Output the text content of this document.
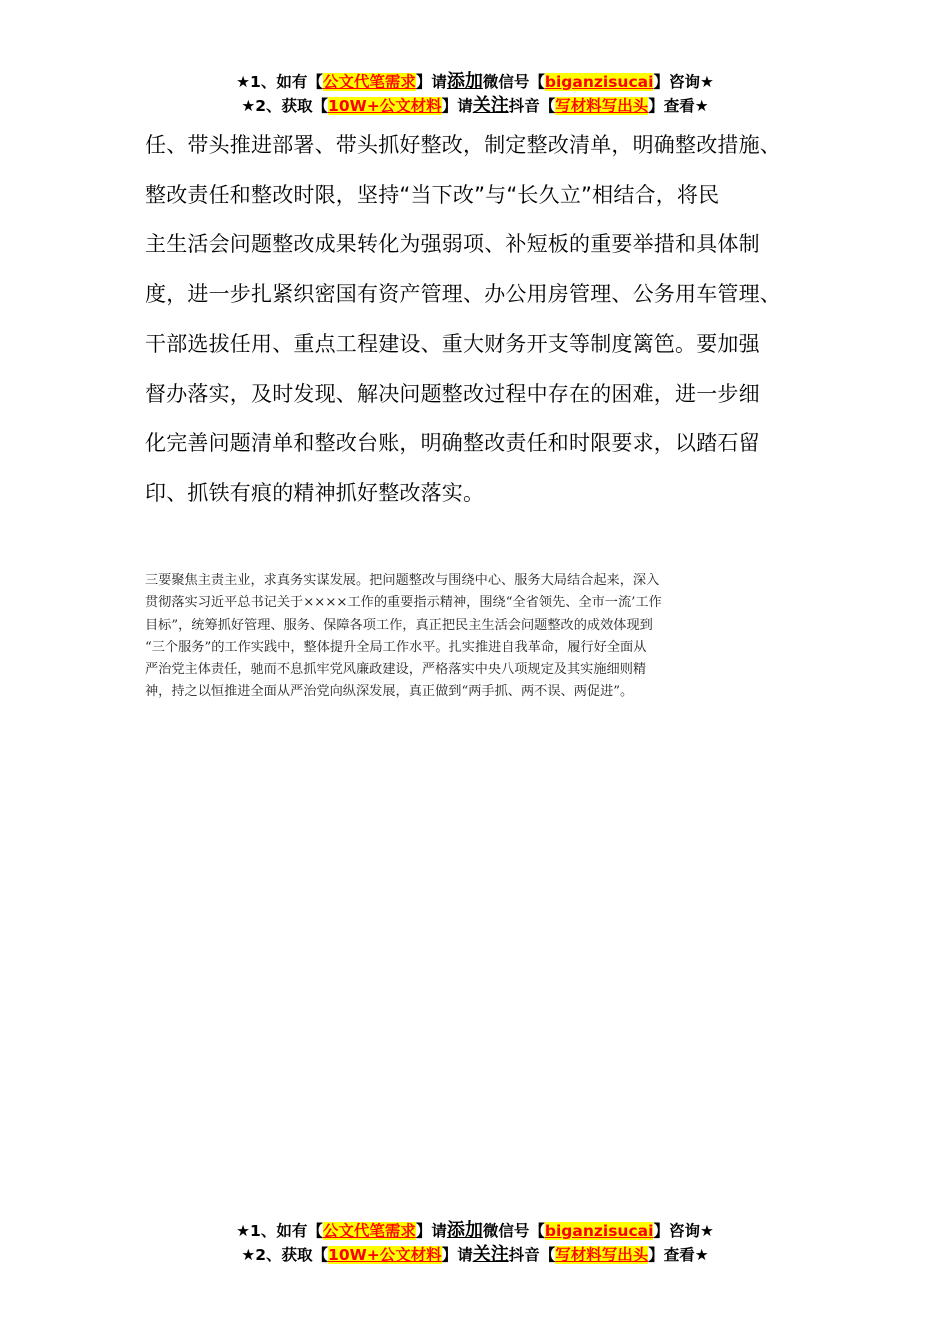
★1、如有【公文代笔需求】请添加微信号【biganzisucai】咨询★
★2、获取【10W+公文材料】请关注抖音【写材料写出头】查看★

任、带头推进部署、带头抓好整改，制定整改清单，明确整改措施、
整改责任和整改时限，坚持“当下改”与“长久立”相结合，将民
主生活会问题整改成果转化为强弱项、补短板的重要举措和具体制
度，进一步扎紧织密国有资产管理、办公用房管理、公务用车管理、
干部选拔任用、重点工程建设、重大财务开支等制度篱笆。要加强
督办落实，及时发现、解决问题整改过程中存在的困难，进一步细
化完善问题清单和整改台账，明确整改责任和时限要求，以踏石留
印、抓铁有痕的精神抓好整改落实。

三要聚焦主责主业，求真务实谋发展。把问题整改与围绕中心、服务大局结合起来，深入
贯彻落实习近平总书记关于××××工作的重要指示精神，围绕“全省领先、全市一流’工作
目标”，统筹抓好管理、服务、保障各项工作，真正把民主生活会问题整改的成效体现到
“三个服务”的工作实践中，整体提升全局工作水平。扎实推进自我革命，履行好全面从
严治党主体责任，驰而不息抓牢党风廉政建设，严格落实中央八项规定及其实施细则精
神，持之以恒推进全面从严治党向纵深发展，真正做到“两手抓、两不误、两促进”。

★1、如有【公文代笔需求】请添加微信号【biganzisucai】咨询★
★2、获取【10W+公文材料】请关注抖音【写材料写出头】查看★
